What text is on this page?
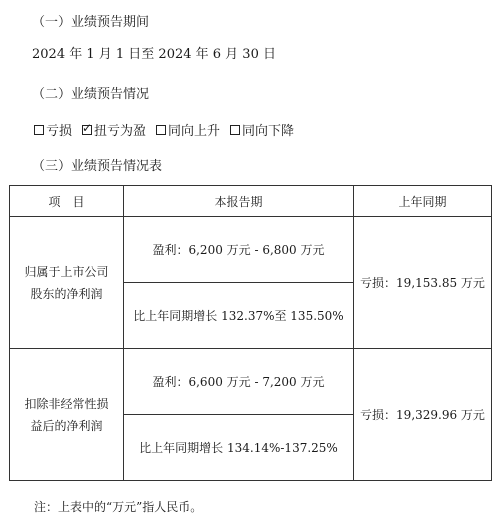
（一）业绩预告期间
2024 年 1 月 1 日至 2024 年 6 月 30 日
（二）业绩预告情况
亏损 ✓ 扭亏为盈 同向上升 同向下降
（三）业绩预告情况表
项　目	本报告期	上年同期

归属于上市公司
股东的净利润	盈利：6,200 万元 - 6,800 万元	亏损：19,153.85 万元
	比上年同期增长 132.37%至 135.50%	

扣除非经常性损
益后的净利润	盈利：6,600 万元 - 7,200 万元	亏损：19,329.96 万元
	比上年同期增长 134.14%-137.25%	
注：上表中的“万元”指人民币。
